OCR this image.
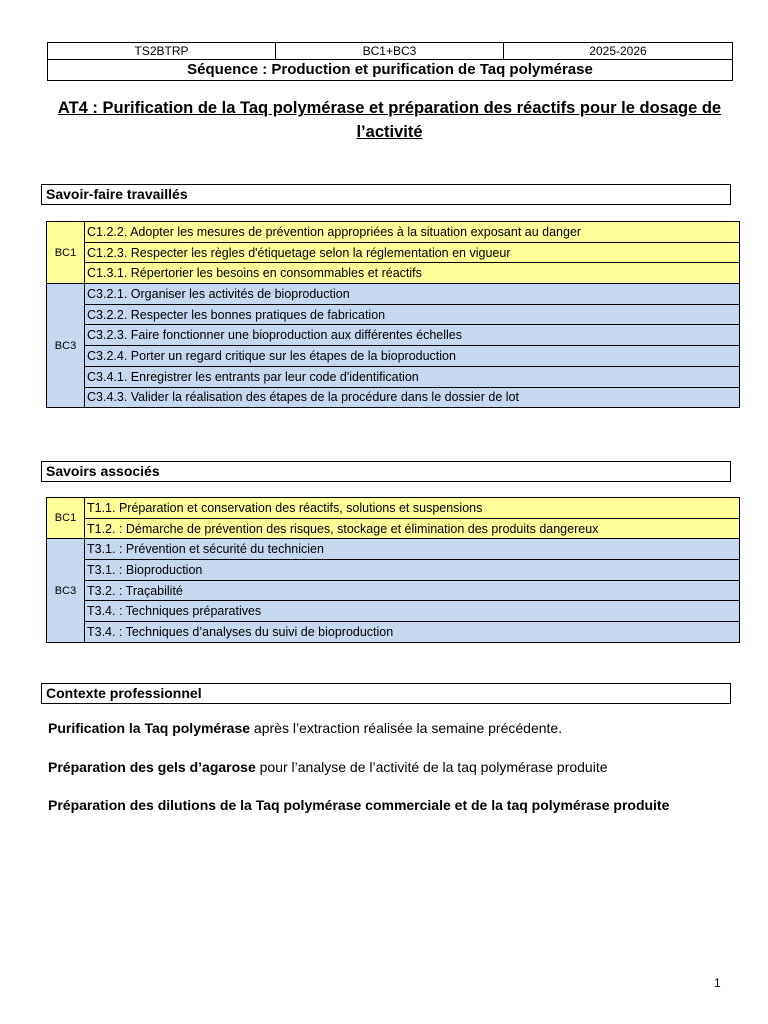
TS2BTRP	BC1+BC3	2025-2026
Séquence : Production et purification de Taq polymérase
AT4 : Purification de la Taq polymérase et préparation des réactifs pour le dosage de l’activité
Savoir-faire travaillés
BC1	C1.2.2. Adopter les mesures de prévention appropriées à la situation exposant au danger
	C1.2.3. Respecter les règles d'étiquetage selon la réglementation en vigueur
	C1.3.1. Répertorier les besoins en consommables et réactifs
BC3	C3.2.1. Organiser les activités de bioproduction
	C3.2.2. Respecter les bonnes pratiques de fabrication
	C3.2.3. Faire fonctionner une bioproduction aux différentes échelles
	C3.2.4. Porter un regard critique sur les étapes de la bioproduction
	C3.4.1. Enregistrer les entrants par leur code d'identification
	C3.4.3. Valider la réalisation des étapes de la procédure dans le dossier de lot
Savoirs associés
BC1	T1.1. Préparation et conservation des réactifs, solutions et suspensions
	T1.2. : Démarche de prévention des risques, stockage et élimination des produits dangereux
BC3	T3.1. : Prévention et sécurité du technicien
	T3.1. : Bioproduction
	T3.2. : Traçabilité
	T3.4. : Techniques préparatives
	T3.4. : Techniques d’analyses du suivi de bioproduction
Contexte professionnel
Purification la Taq polymérase après l’extraction réalisée la semaine précédente.
Préparation des gels d’agarose pour l’analyse de l’activité de la taq polymérase produite
Préparation des dilutions de la Taq polymérase commerciale et de la taq polymérase produite
1
